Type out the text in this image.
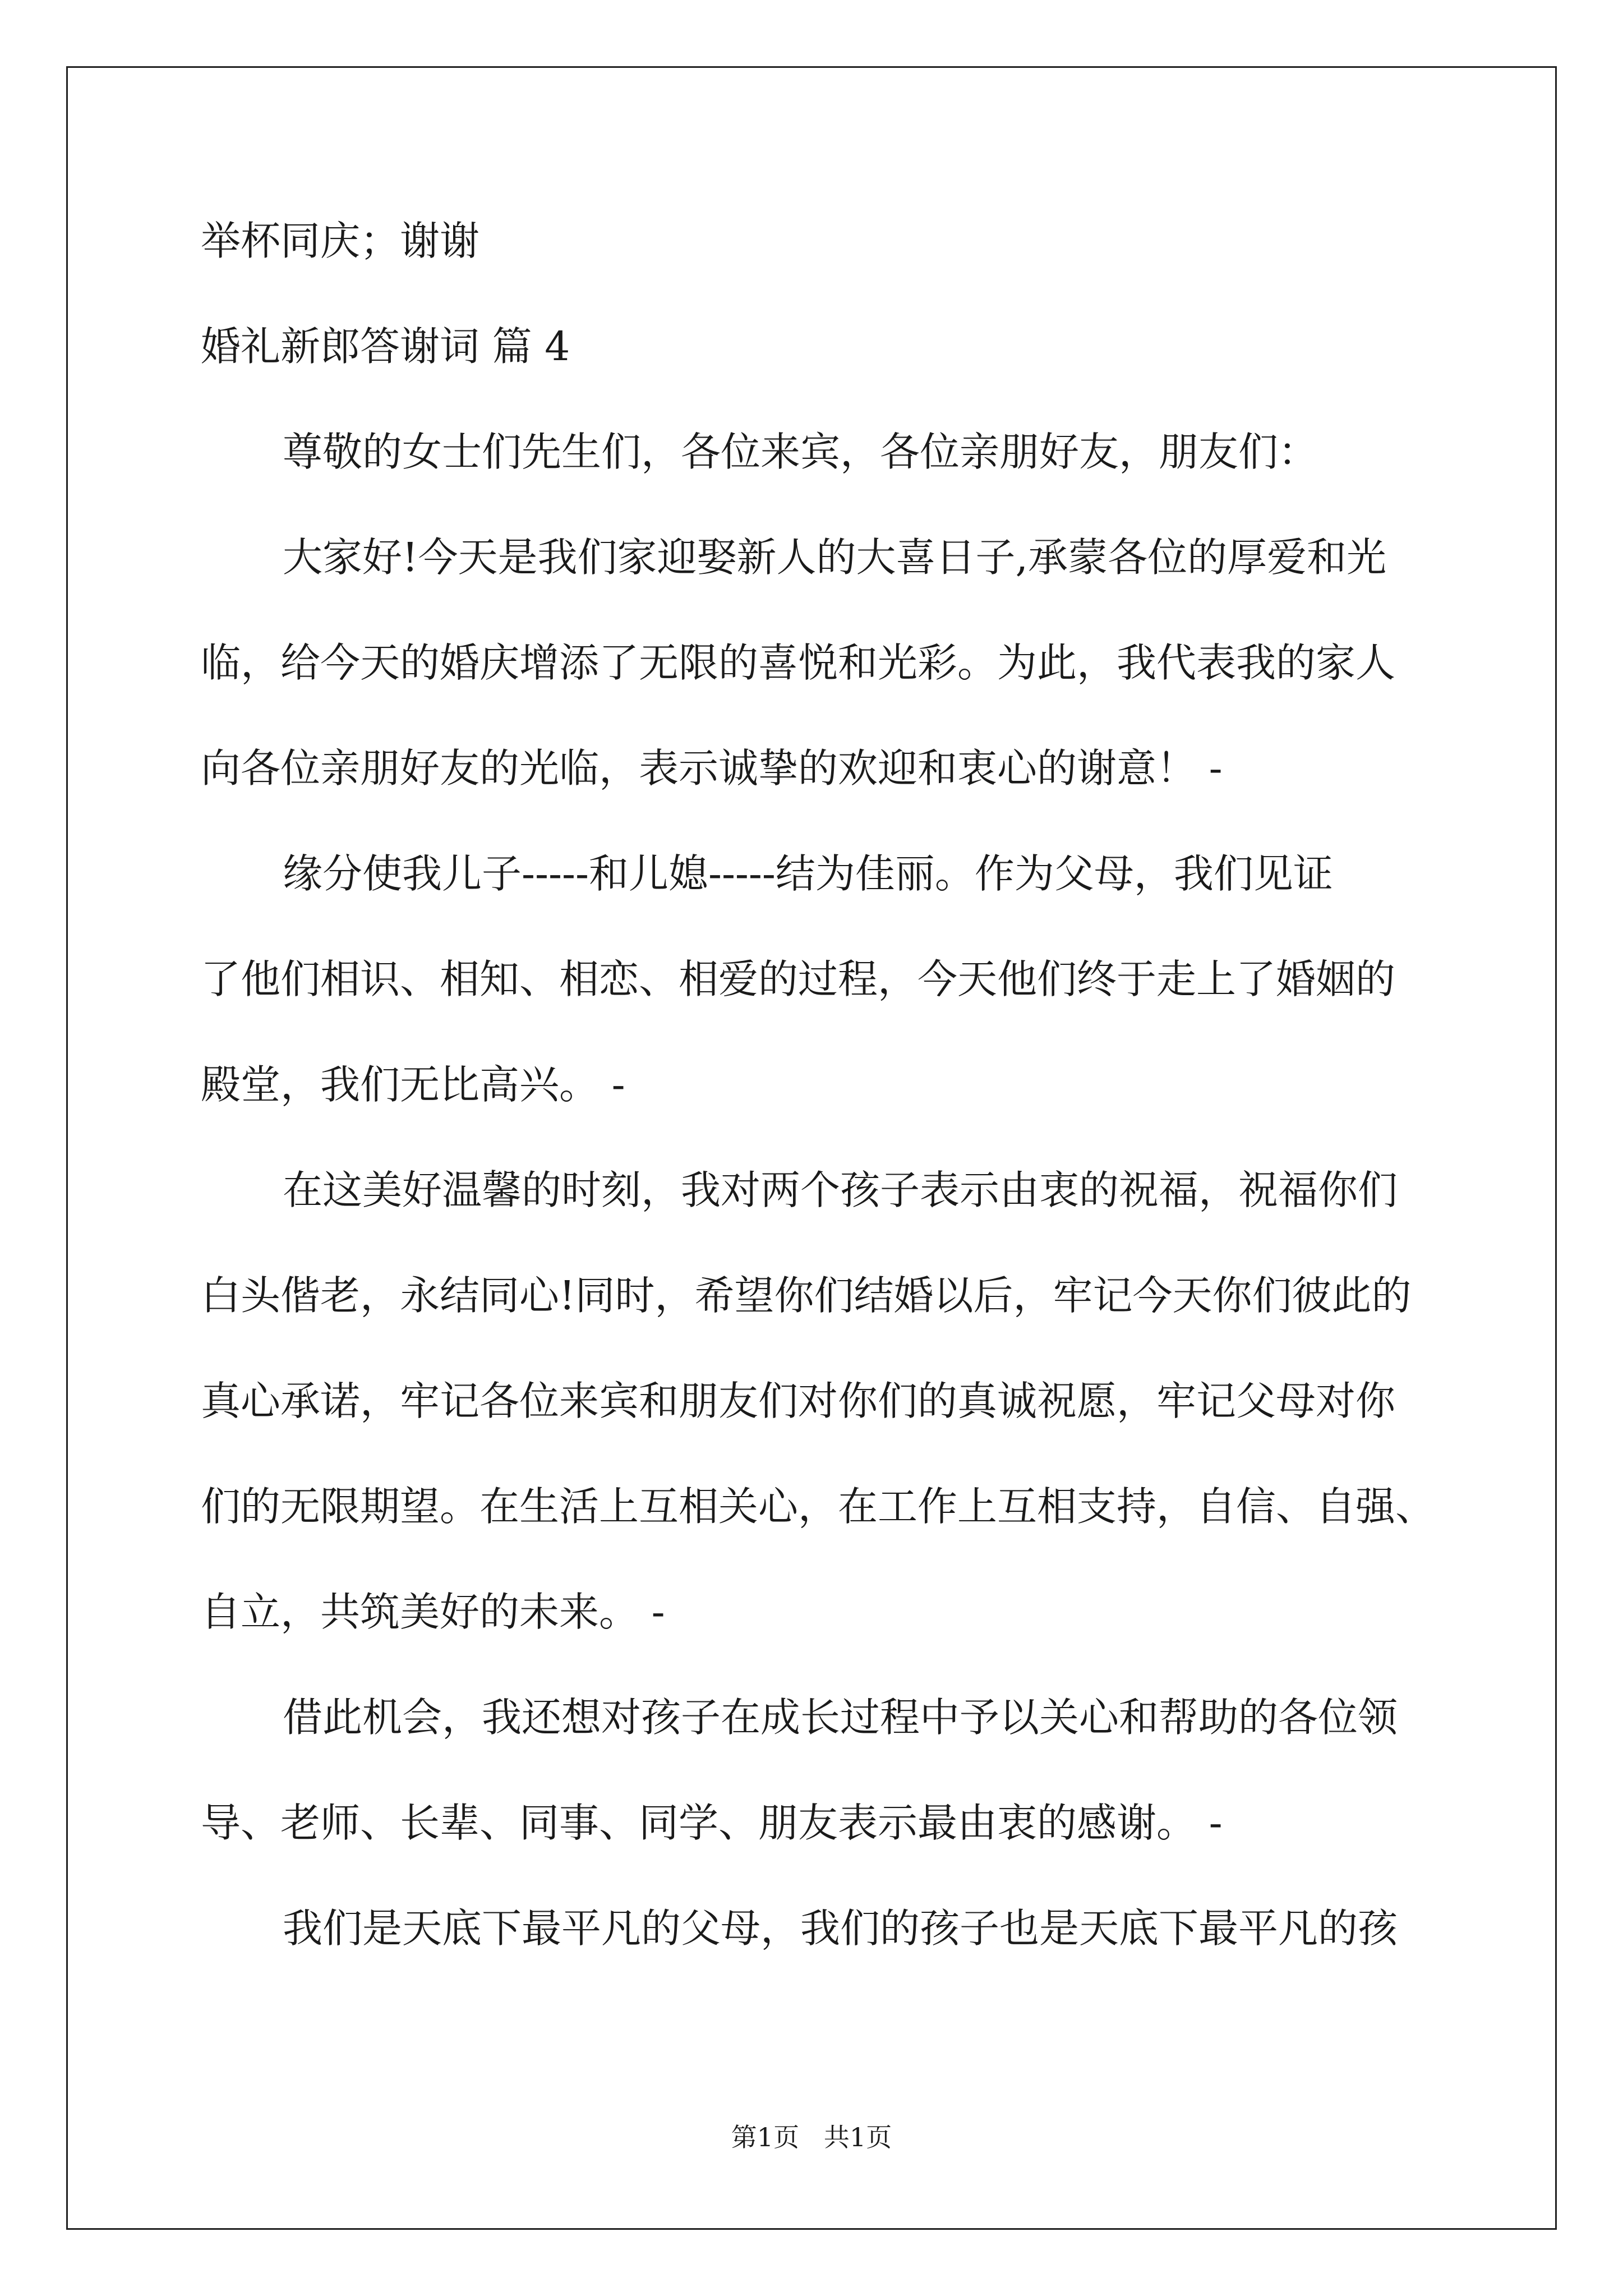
举杯同庆；谢谢
婚礼新郎答谢词 篇 4
尊敬的女士们先生们，各位来宾，各位亲朋好友，朋友们：
大家好!今天是我们家迎娶新人的大喜日子,承蒙各位的厚爱和光
临，给今天的婚庆增添了无限的喜悦和光彩。为此，我代表我的家人
向各位亲朋好友的光临，表示诚挚的欢迎和衷心的谢意！ -
缘分使我儿子-----和儿媳-----结为佳丽。作为父母，我们见证
了他们相识、相知、相恋、相爱的过程，今天他们终于走上了婚姻的
殿堂，我们无比高兴。 -
在这美好温馨的时刻，我对两个孩子表示由衷的祝福，祝福你们
白头偕老，永结同心!同时，希望你们结婚以后，牢记今天你们彼此的
真心承诺，牢记各位来宾和朋友们对你们的真诚祝愿，牢记父母对你
们的无限期望。在生活上互相关心，在工作上互相支持，自信、自强、
自立，共筑美好的未来。 -
借此机会，我还想对孩子在成长过程中予以关心和帮助的各位领
导、老师、长辈、同事、同学、朋友表示最由衷的感谢。 -
我们是天底下最平凡的父母，我们的孩子也是天底下最平凡的孩
第1页   共1页
